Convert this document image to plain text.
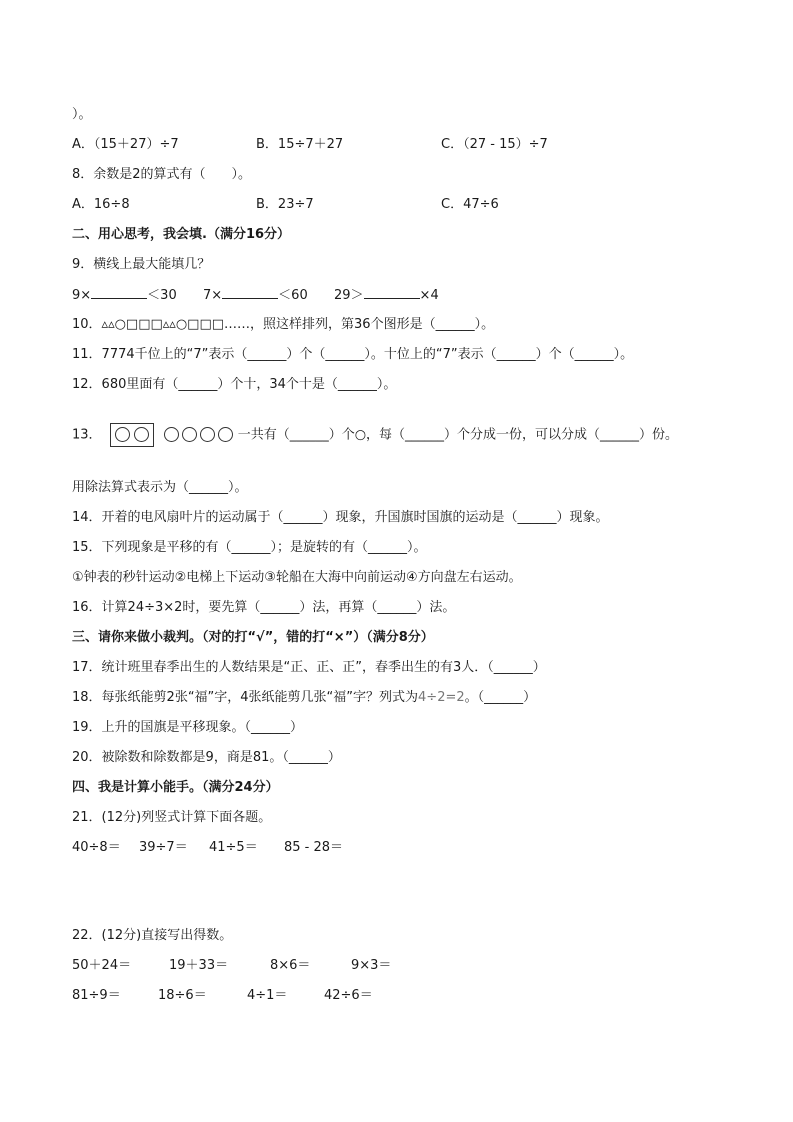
）。
A．（15＋27）÷7	B．15÷7＋27	C．（27 - 15）÷7
8．余数是2的算式有（　　）。
A．16÷8	B．23÷7	C．47÷6
二、用心思考，我会填.（满分16分）
9．横线上最大能填几？
9×	＜30 7×	＜60 29＞	×4
10．▵▵○□□□▵▵○□□□……，照这样排列，第36个图形是（______）。
11．7774千位上的“7”表示（______）个（______）。十位上的“7”表示（______）个（______）。
12．680里面有（______）个十，34个十是（______）。
13．	一共有（______）个○，每（______）个分成一份，可以分成（______）份。
用除法算式表示为（______）。
14．开着的电风扇叶片的运动属于（______）现象，升国旗时国旗的运动是（______）现象。
15．下列现象是平移的有（______）；是旋转的有（______）。
①钟表的秒针运动②电梯上下运动③轮船在大海中向前运动④方向盘左右运动。
16．计算24÷3×2时，要先算（______）法，再算（______）法。
三、请你来做小裁判。（对的打“√”，错的打“×”）（满分8分）
17．统计班里春季出生的人数结果是“正、正、正”，春季出生的有3人．（______）
18．每张纸能剪2张“福”字，4张纸能剪几张“福”字？列式为4÷2=2。（______）
19．上升的国旗是平移现象。（______）
20．被除数和除数都是9，商是81。（______）
四、我是计算小能手。（满分24分）
21．(12分)列竖式计算下面各题。
40÷8＝ 39÷7＝ 41÷5＝ 85 - 28＝
22．(12分)直接写出得数。
50＋24＝	19＋33＝	8×6＝	9×3＝
81÷9＝	18÷6＝	4÷1＝	42÷6＝
